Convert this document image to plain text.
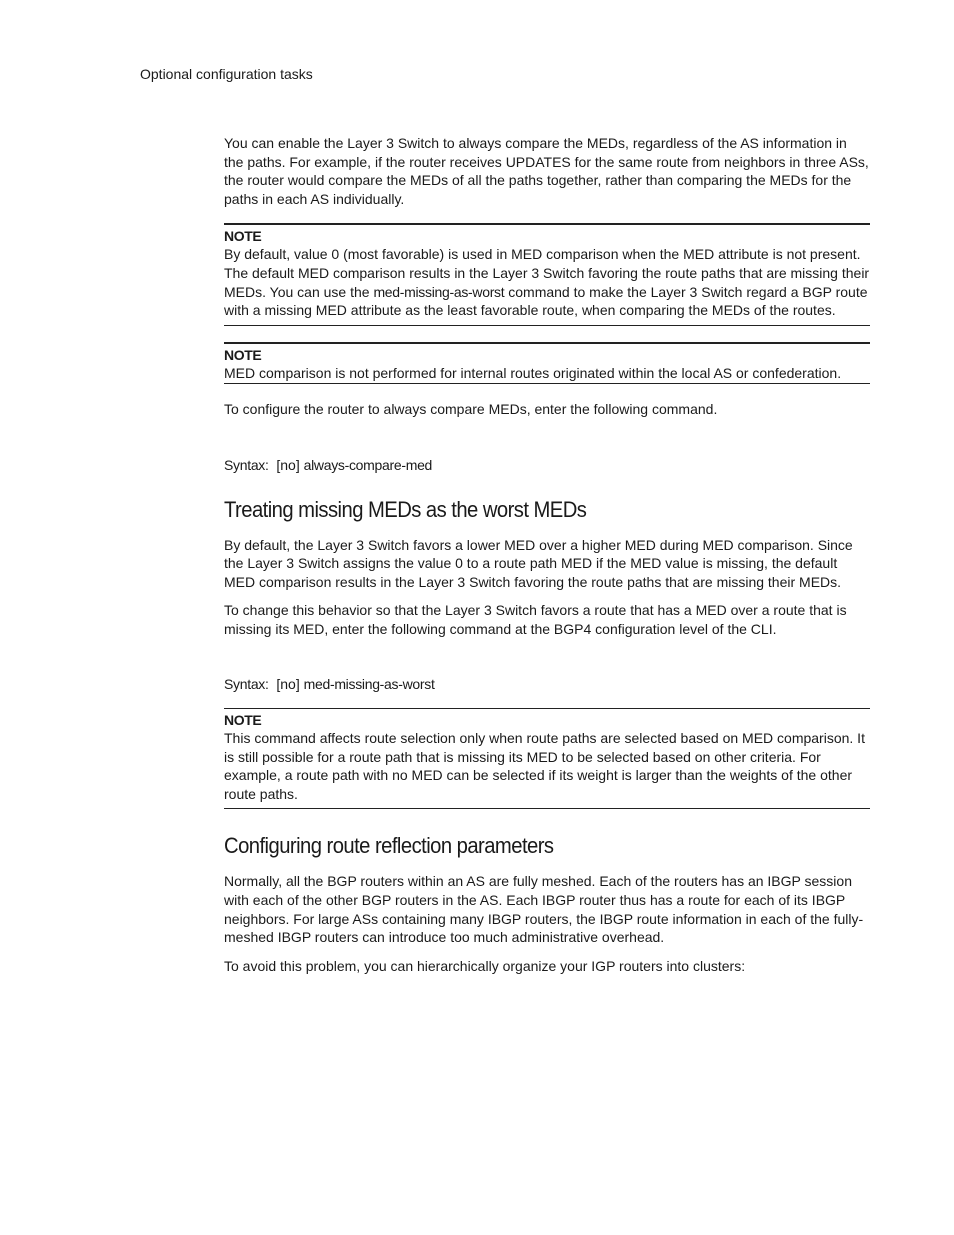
Optional configuration tasks

You can enable the Layer 3 Switch to always compare the MEDs, regardless of the AS information in the paths. For example, if the router receives UPDATES for the same route from neighbors in three ASs, the router would compare the MEDs of all the paths together, rather than comparing the MEDs for the paths in each AS individually.

NOTE

By default, value 0 (most favorable) is used in MED comparison when the MED attribute is not present. The default MED comparison results in the Layer 3 Switch favoring the route paths that are missing their MEDs. You can use the med-missing-as-worst command to make the Layer 3 Switch regard a BGP route with a missing MED attribute as the least favorable route, when comparing the MEDs of the routes.

NOTE

MED comparison is not performed for internal routes originated within the local AS or confederation.

To configure the router to always compare MEDs, enter the following command.

Syntax: [no] always-compare-med

Treating missing MEDs as the worst MEDs

By default, the Layer 3 Switch favors a lower MED over a higher MED during MED comparison. Since the Layer 3 Switch assigns the value 0 to a route path MED if the MED value is missing, the default MED comparison results in the Layer 3 Switch favoring the route paths that are missing their MEDs.

To change this behavior so that the Layer 3 Switch favors a route that has a MED over a route that is missing its MED, enter the following command at the BGP4 configuration level of the CLI.

Syntax: [no] med-missing-as-worst

NOTE

This command affects route selection only when route paths are selected based on MED comparison. It is still possible for a route path that is missing its MED to be selected based on other criteria. For example, a route path with no MED can be selected if its weight is larger than the weights of the other route paths.

Configuring route reflection parameters

Normally, all the BGP routers within an AS are fully meshed. Each of the routers has an IBGP session with each of the other BGP routers in the AS. Each IBGP router thus has a route for each of its IBGP neighbors. For large ASs containing many IBGP routers, the IBGP route information in each of the fully-meshed IBGP routers can introduce too much administrative overhead.

To avoid this problem, you can hierarchically organize your IGP routers into clusters:
